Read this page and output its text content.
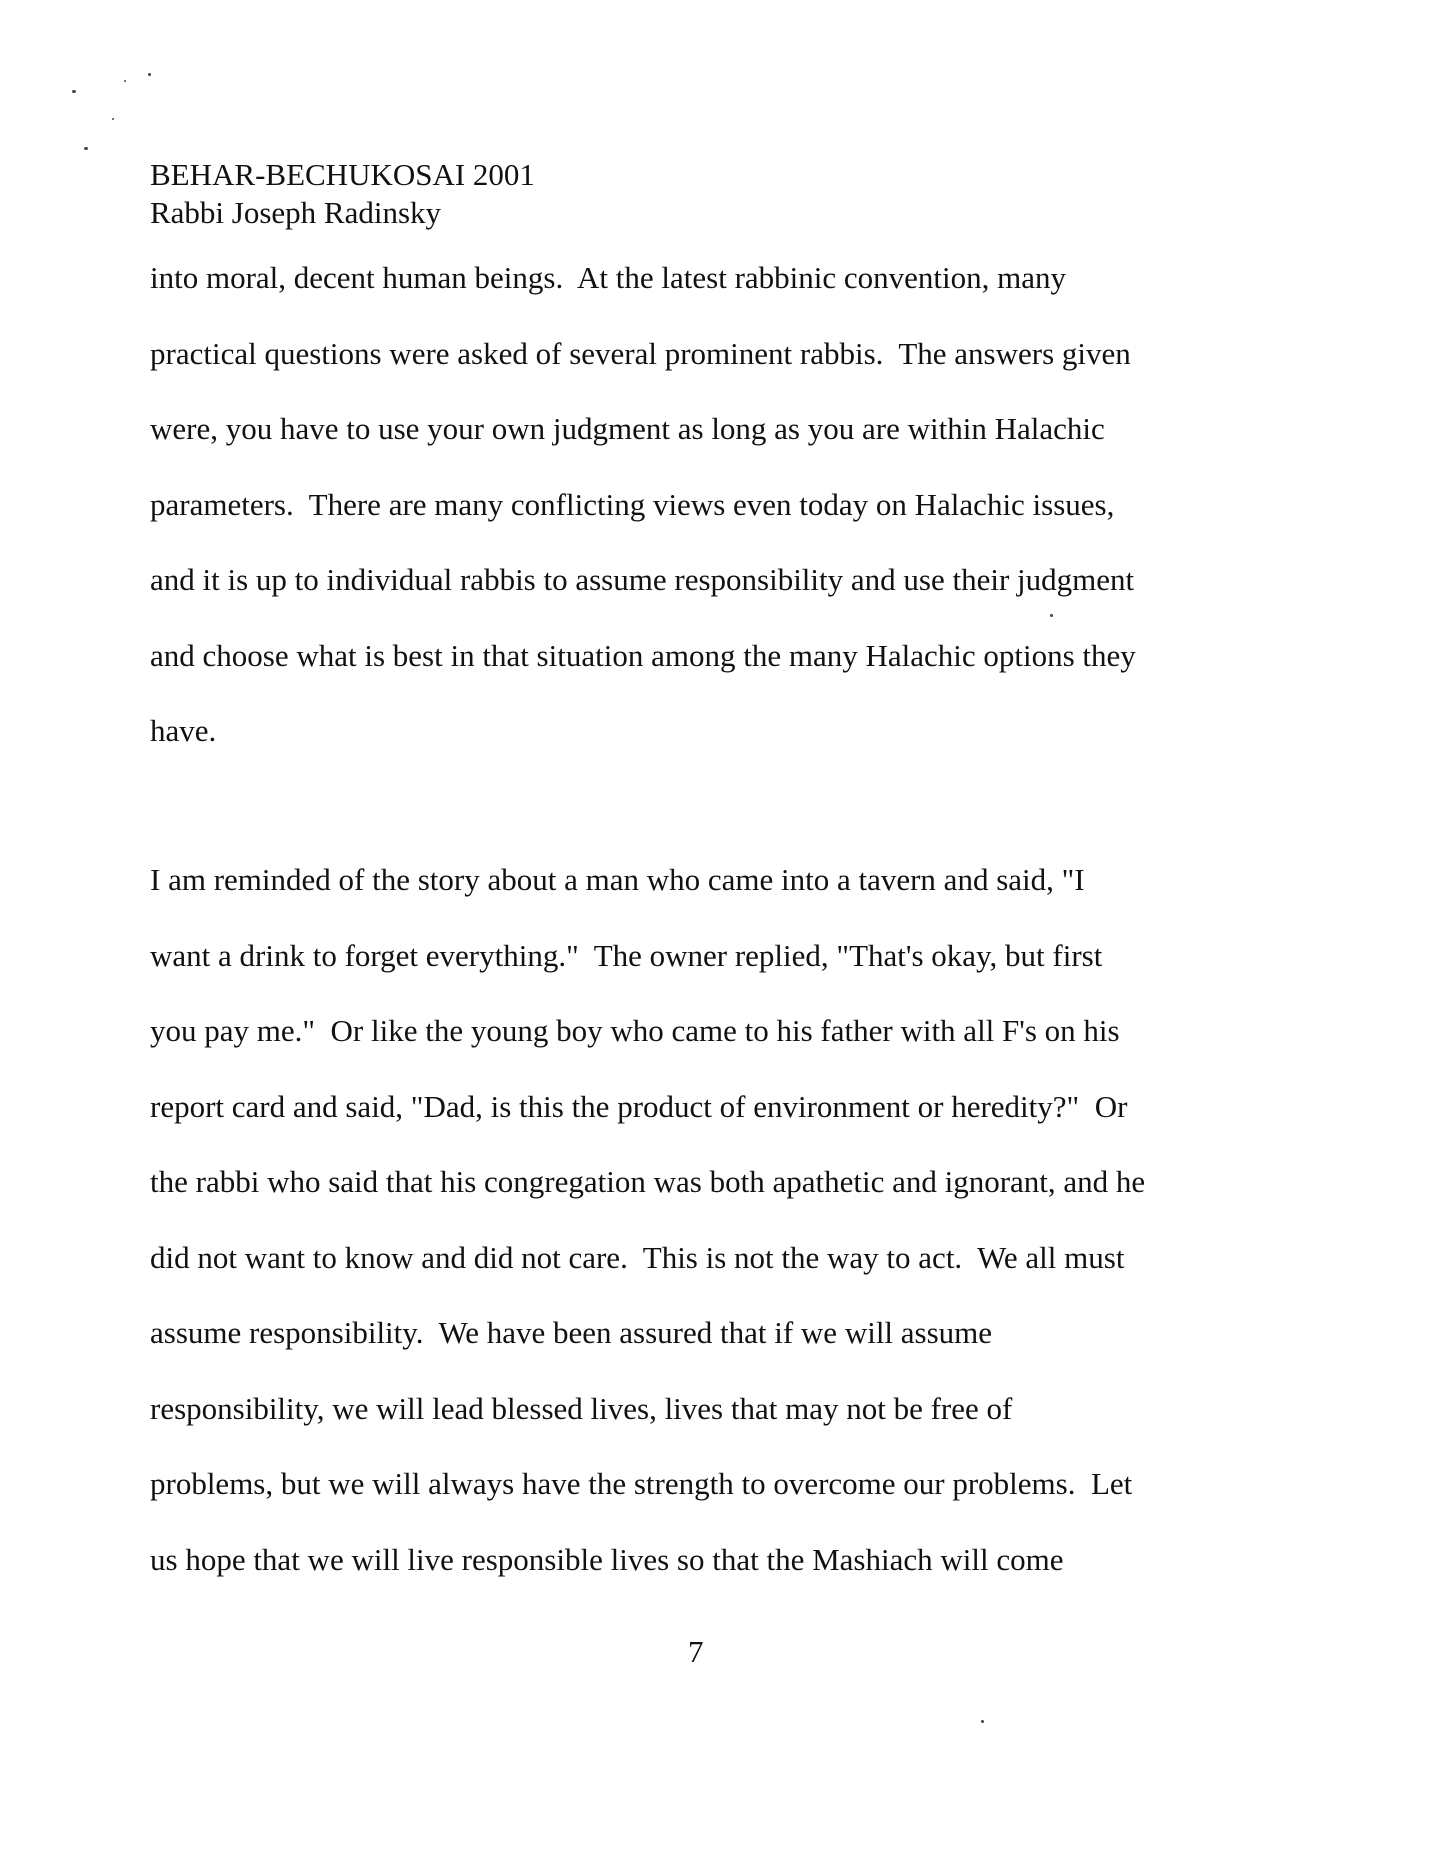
BEHAR-BECHUKOSAI 2001
Rabbi Joseph Radinsky
into moral, decent human beings.  At the latest rabbinic convention, many
practical questions were asked of several prominent rabbis.  The answers given
were, you have to use your own judgment as long as you are within Halachic
parameters.  There are many conflicting views even today on Halachic issues,
and it is up to individual rabbis to assume responsibility and use their judgment
and choose what is best in that situation among the many Halachic options they
have.
I am reminded of the story about a man who came into a tavern and said, "I
want a drink to forget everything."  The owner replied, "That's okay, but first
you pay me."  Or like the young boy who came to his father with all F's on his
report card and said, "Dad, is this the product of environment or heredity?"  Or
the rabbi who said that his congregation was both apathetic and ignorant, and he
did not want to know and did not care.  This is not the way to act.  We all must
assume responsibility.  We have been assured that if we will assume
responsibility, we will lead blessed lives, lives that may not be free of
problems, but we will always have the strength to overcome our problems.  Let
us hope that we will live responsible lives so that the Mashiach will come
7
